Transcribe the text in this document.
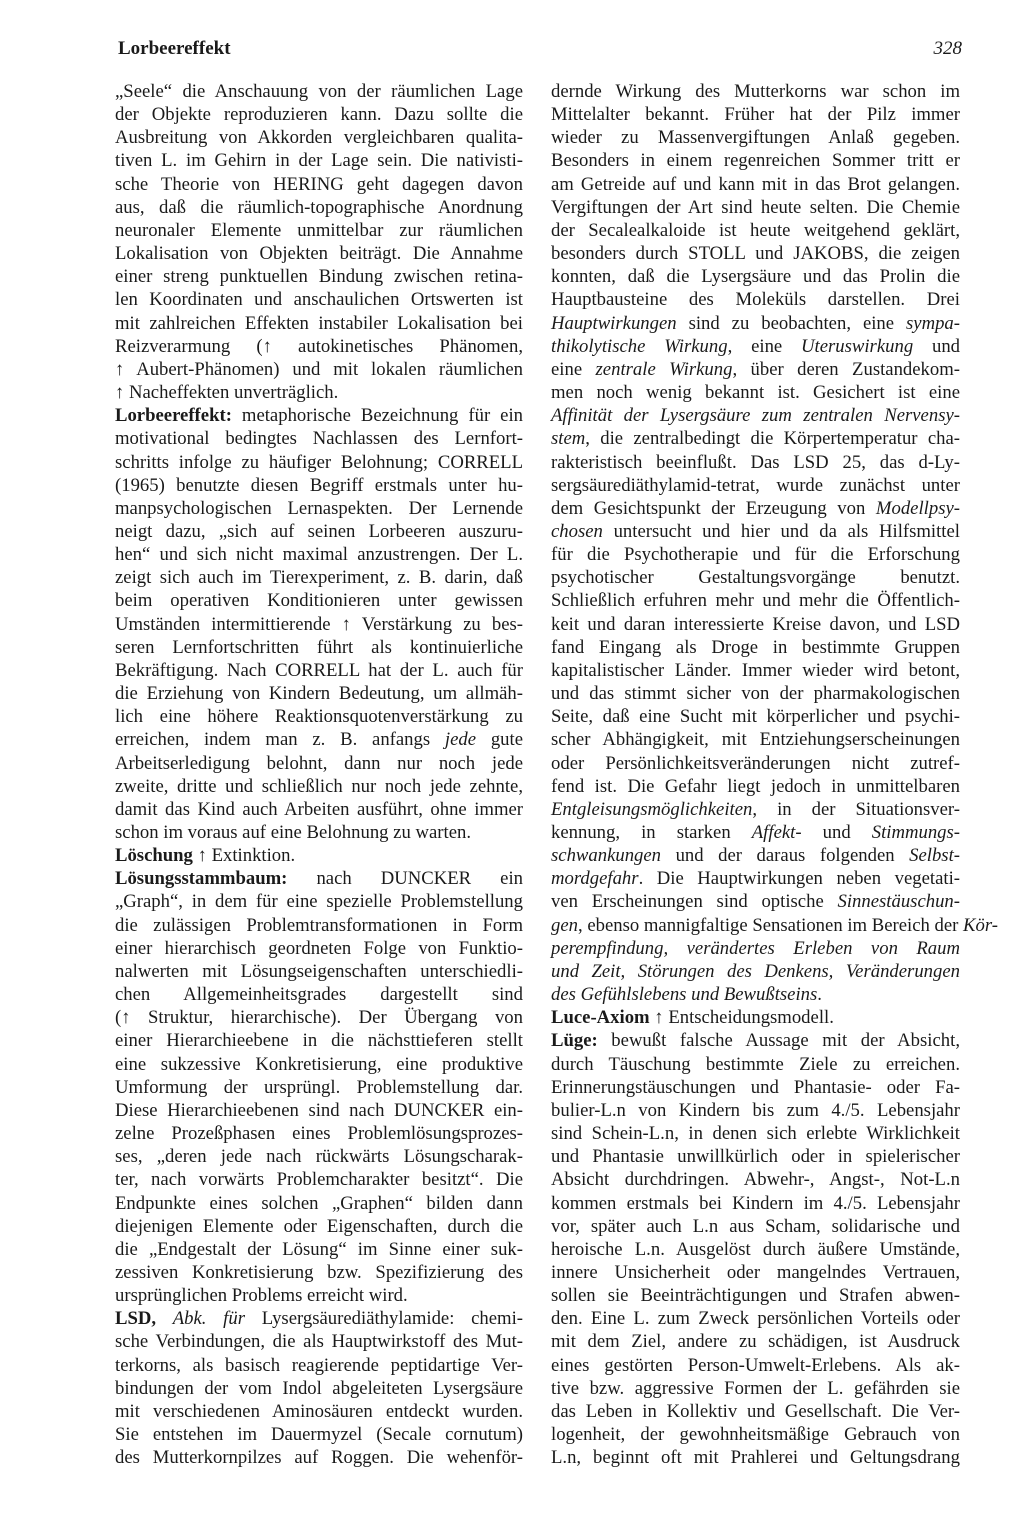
Lorbeereffekt	328
„Seele“ die Anschauung von der räumlichen Lage
der Objekte reproduzieren kann. Dazu sollte die
Ausbreitung von Akkorden vergleichbaren qualita-
tiven L. im Gehirn in der Lage sein. Die nativisti-
sche Theorie von HERING geht dagegen davon
aus, daß die räumlich-topographische Anordnung
neuronaler Elemente unmittelbar zur räumlichen
Lokalisation von Objekten beiträgt. Die Annahme
einer streng punktuellen Bindung zwischen retina-
len Koordinaten und anschaulichen Ortswerten ist
mit zahlreichen Effekten instabiler Lokalisation bei
Reizverarmung (↑ autokinetisches Phänomen,
↑ Aubert-Phänomen) und mit lokalen räumlichen
↑ Nacheffekten unverträglich.
Lorbeereffekt: metaphorische Bezeichnung für ein
motivational bedingtes Nachlassen des Lernfort-
schritts infolge zu häufiger Belohnung; CORRELL
(1965) benutzte diesen Begriff erstmals unter hu-
manpsychologischen Lernaspekten. Der Lernende
neigt dazu, „sich auf seinen Lorbeeren auszuru-
hen“ und sich nicht maximal anzustrengen. Der L.
zeigt sich auch im Tierexperiment, z. B. darin, daß
beim operativen Konditionieren unter gewissen
Umständen intermittierende ↑ Verstärkung zu bes-
seren Lernfortschritten führt als kontinuierliche
Bekräftigung. Nach CORRELL hat der L. auch für
die Erziehung von Kindern Bedeutung, um allmäh-
lich eine höhere Reaktionsquotenverstärkung zu
erreichen, indem man z. B. anfangs jede gute
Arbeitserledigung belohnt, dann nur noch jede
zweite, dritte und schließlich nur noch jede zehnte,
damit das Kind auch Arbeiten ausführt, ohne immer
schon im voraus auf eine Belohnung zu warten.
Löschung ↑ Extinktion.
Lösungsstammbaum: nach DUNCKER ein
„Graph“, in dem für eine spezielle Problemstellung
die zulässigen Problemtransformationen in Form
einer hierarchisch geordneten Folge von Funktio-
nalwerten mit Lösungseigenschaften unterschiedli-
chen Allgemeinheitsgrades dargestellt sind
(↑ Struktur, hierarchische). Der Übergang von
einer Hierarchieebene in die nächsttieferen stellt
eine sukzessive Konkretisierung, eine produktive
Umformung der ursprüngl. Problemstellung dar.
Diese Hierarchieebenen sind nach DUNCKER ein-
zelne Prozeßphasen eines Problemlösungsprozes-
ses, „deren jede nach rückwärts Lösungscharak-
ter, nach vorwärts Problemcharakter besitzt“. Die
Endpunkte eines solchen „Graphen“ bilden dann
diejenigen Elemente oder Eigenschaften, durch die
die „Endgestalt der Lösung“ im Sinne einer suk-
zessiven Konkretisierung bzw. Spezifizierung des
ursprünglichen Problems erreicht wird.
LSD, Abk. für Lysergsäurediäthylamide: chemi-
sche Verbindungen, die als Hauptwirkstoff des Mut-
terkorns, als basisch reagierende peptidartige Ver-
bindungen der vom Indol abgeleiteten Lysergsäure
mit verschiedenen Aminosäuren entdeckt wurden.
Sie entstehen im Dauermyzel (Secale cornutum)
des Mutterkornpilzes auf Roggen. Die wehenför-
dernde Wirkung des Mutterkorns war schon im
Mittelalter bekannt. Früher hat der Pilz immer
wieder zu Massenvergiftungen Anlaß gegeben.
Besonders in einem regenreichen Sommer tritt er
am Getreide auf und kann mit in das Brot gelangen.
Vergiftungen der Art sind heute selten. Die Chemie
der Secalealkaloide ist heute weitgehend geklärt,
besonders durch STOLL und JAKOBS, die zeigen
konnten, daß die Lysergsäure und das Prolin die
Hauptbausteine des Moleküls darstellen. Drei
Hauptwirkungen sind zu beobachten, eine sympa-
thikolytische Wirkung, eine Uteruswirkung und
eine zentrale Wirkung, über deren Zustandekom-
men noch wenig bekannt ist. Gesichert ist eine
Affinität der Lysergsäure zum zentralen Nervensy-
stem, die zentralbedingt die Körpertemperatur cha-
rakteristisch beeinflußt. Das LSD 25, das d-Ly-
sergsäurediäthylamid-tetrat, wurde zunächst unter
dem Gesichtspunkt der Erzeugung von Modellpsy-
chosen untersucht und hier und da als Hilfsmittel
für die Psychotherapie und für die Erforschung
psychotischer Gestaltungsvorgänge benutzt.
Schließlich erfuhren mehr und mehr die Öffentlich-
keit und daran interessierte Kreise davon, und LSD
fand Eingang als Droge in bestimmte Gruppen
kapitalistischer Länder. Immer wieder wird betont,
und das stimmt sicher von der pharmakologischen
Seite, daß eine Sucht mit körperlicher und psychi-
scher Abhängigkeit, mit Entziehungserscheinungen
oder Persönlichkeitsveränderungen nicht zutref-
fend ist. Die Gefahr liegt jedoch in unmittelbaren
Entgleisungsmöglichkeiten, in der Situationsver-
kennung, in starken Affekt- und Stimmungs-
schwankungen und der daraus folgenden Selbst-
mordgefahr. Die Hauptwirkungen neben vegetati-
ven Erscheinungen sind optische Sinnestäuschun-
gen, ebenso mannigfaltige Sensationen im Bereich der Kör-
perempfindung, verändertes Erleben von Raum
und Zeit, Störungen des Denkens, Veränderungen
des Gefühlslebens und Bewußtseins.
Luce-Axiom ↑ Entscheidungsmodell.
Lüge: bewußt falsche Aussage mit der Absicht,
durch Täuschung bestimmte Ziele zu erreichen.
Erinnerungstäuschungen und Phantasie- oder Fa-
bulier-L.n von Kindern bis zum 4./5. Lebensjahr
sind Schein-L.n, in denen sich erlebte Wirklichkeit
und Phantasie unwillkürlich oder in spielerischer
Absicht durchdringen. Abwehr-, Angst-, Not-L.n
kommen erstmals bei Kindern im 4./5. Lebensjahr
vor, später auch L.n aus Scham, solidarische und
heroische L.n. Ausgelöst durch äußere Umstände,
innere Unsicherheit oder mangelndes Vertrauen,
sollen sie Beeinträchtigungen und Strafen abwen-
den. Eine L. zum Zweck persönlichen Vorteils oder
mit dem Ziel, andere zu schädigen, ist Ausdruck
eines gestörten Person-Umwelt-Erlebens. Als ak-
tive bzw. aggressive Formen der L. gefährden sie
das Leben in Kollektiv und Gesellschaft. Die Ver-
logenheit, der gewohnheitsmäßige Gebrauch von
L.n, beginnt oft mit Prahlerei und Geltungsdrang
